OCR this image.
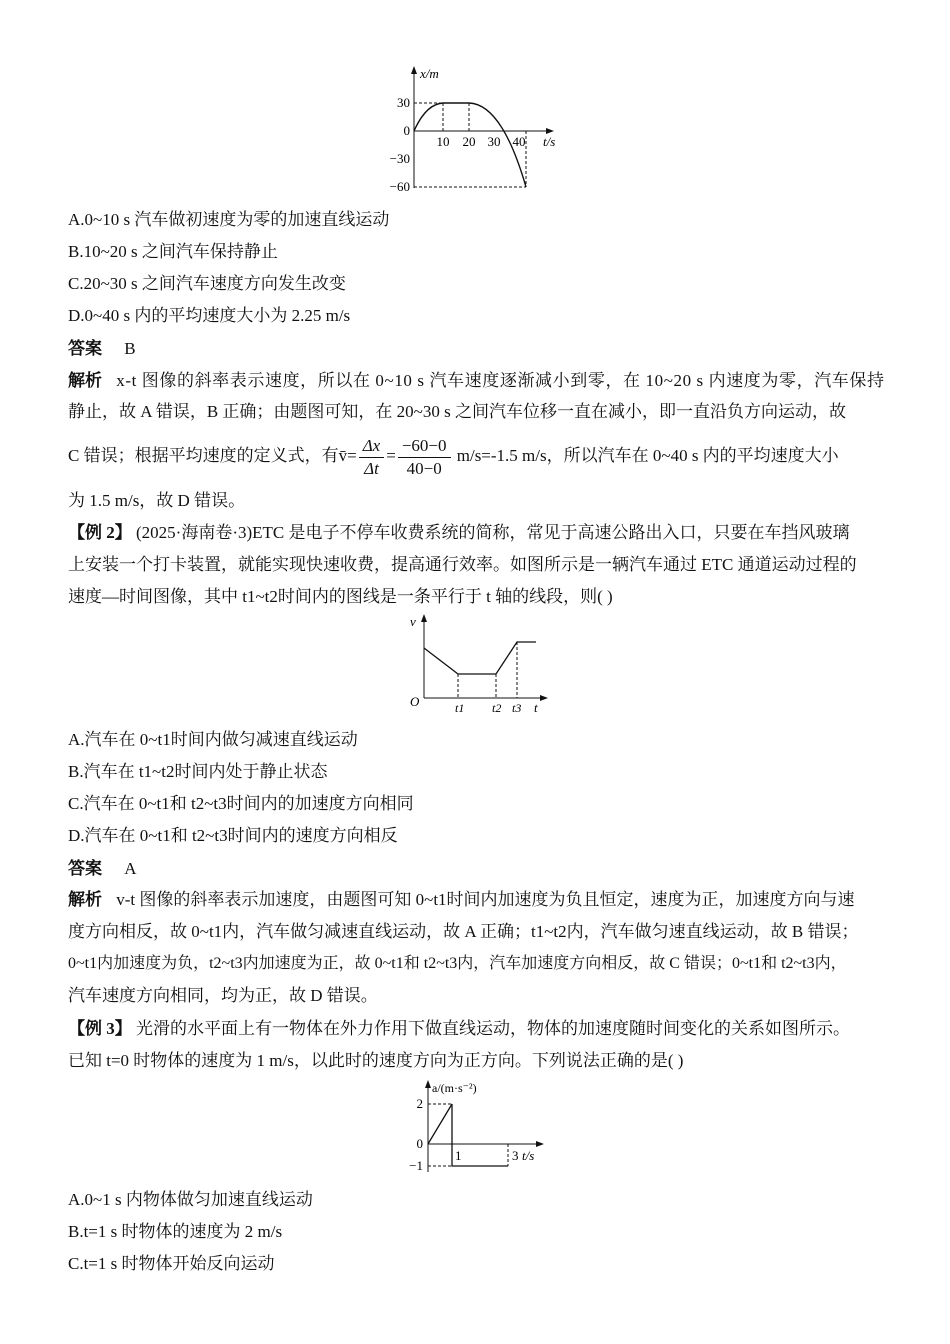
x/m
t/s
30
0
−30
−60
10 20 30 40
A.0~10 s 汽车做初速度为零的加速直线运动
B.10~20 s 之间汽车保持静止
C.20~30 s 之间汽车速度方向发生改变
D.0~40 s 内的平均速度大小为 2.25 m/s
答案 B
解析 x-t 图像的斜率表示速度，所以在 0~10 s 汽车速度逐渐减小到零，在 10~20 s 内速度为零，汽车保持
静止，故 A 错误，B 正确；由题图可知，在 20~30 s 之间汽车位移一直在减小，即一直沿负方向运动，故
C 错误；根据平均速度的定义式，有v̄= $\frac{\Delta x}{\Delta t} = \frac{-60-0}{40-0} m/s=-1.5$ m/s，所以汽车在 0~40 s 内的平均速度大小
为 1.5 m/s，故 D 错误。
【例 2】 (2025·海南卷·3)ETC 是电子不停车收费系统的简称，常见于高速公路出入口，只要在车挡风玻璃
上安装一个打卡装置，就能实现快速收费，提高通行效率。如图所示是一辆汽车通过 ETC 通道运动过程的
速度—时间图像，其中 t1~t2时间内的图线是一条平行于 t 轴的线段，则( )
v
O	t
t1 t2 t3
A.汽车在 0~t1时间内做匀减速直线运动
B.汽车在 t1~t2时间内处于静止状态
C.汽车在 0~t1和 t2~t3时间内的加速度方向相同
D.汽车在 0~t1和 t2~t3时间内的速度方向相反
答案 A
解析 v-t 图像的斜率表示加速度，由题图可知 0~t1时间内加速度为负且恒定，速度为正，加速度方向与速
度方向相反，故 0~t1内，汽车做匀减速直线运动，故 A 正确；t1~t2内，汽车做匀速直线运动，故 B 错误；
0~t1内加速度为负，t2~t3内加速度为正，故 0~t1和 t2~t3内，汽车加速度方向相反，故 C 错误；0~t1和 t2~t3内，
汽车速度方向相同，均为正，故 D 错误。
【例 3】 光滑的水平面上有一物体在外力作用下做直线运动，物体的加速度随时间变化的关系如图所示。
已知 t=0 时物体的速度为 1 m/s，以此时的速度方向为正方向。下列说法正确的是( )
a/(m·s⁻²)
2
0
−1
1	3 t/s
A.0~1 s 内物体做匀加速直线运动
B.t=1 s 时物体的速度为 2 m/s
C.t=1 s 时物体开始反向运动
